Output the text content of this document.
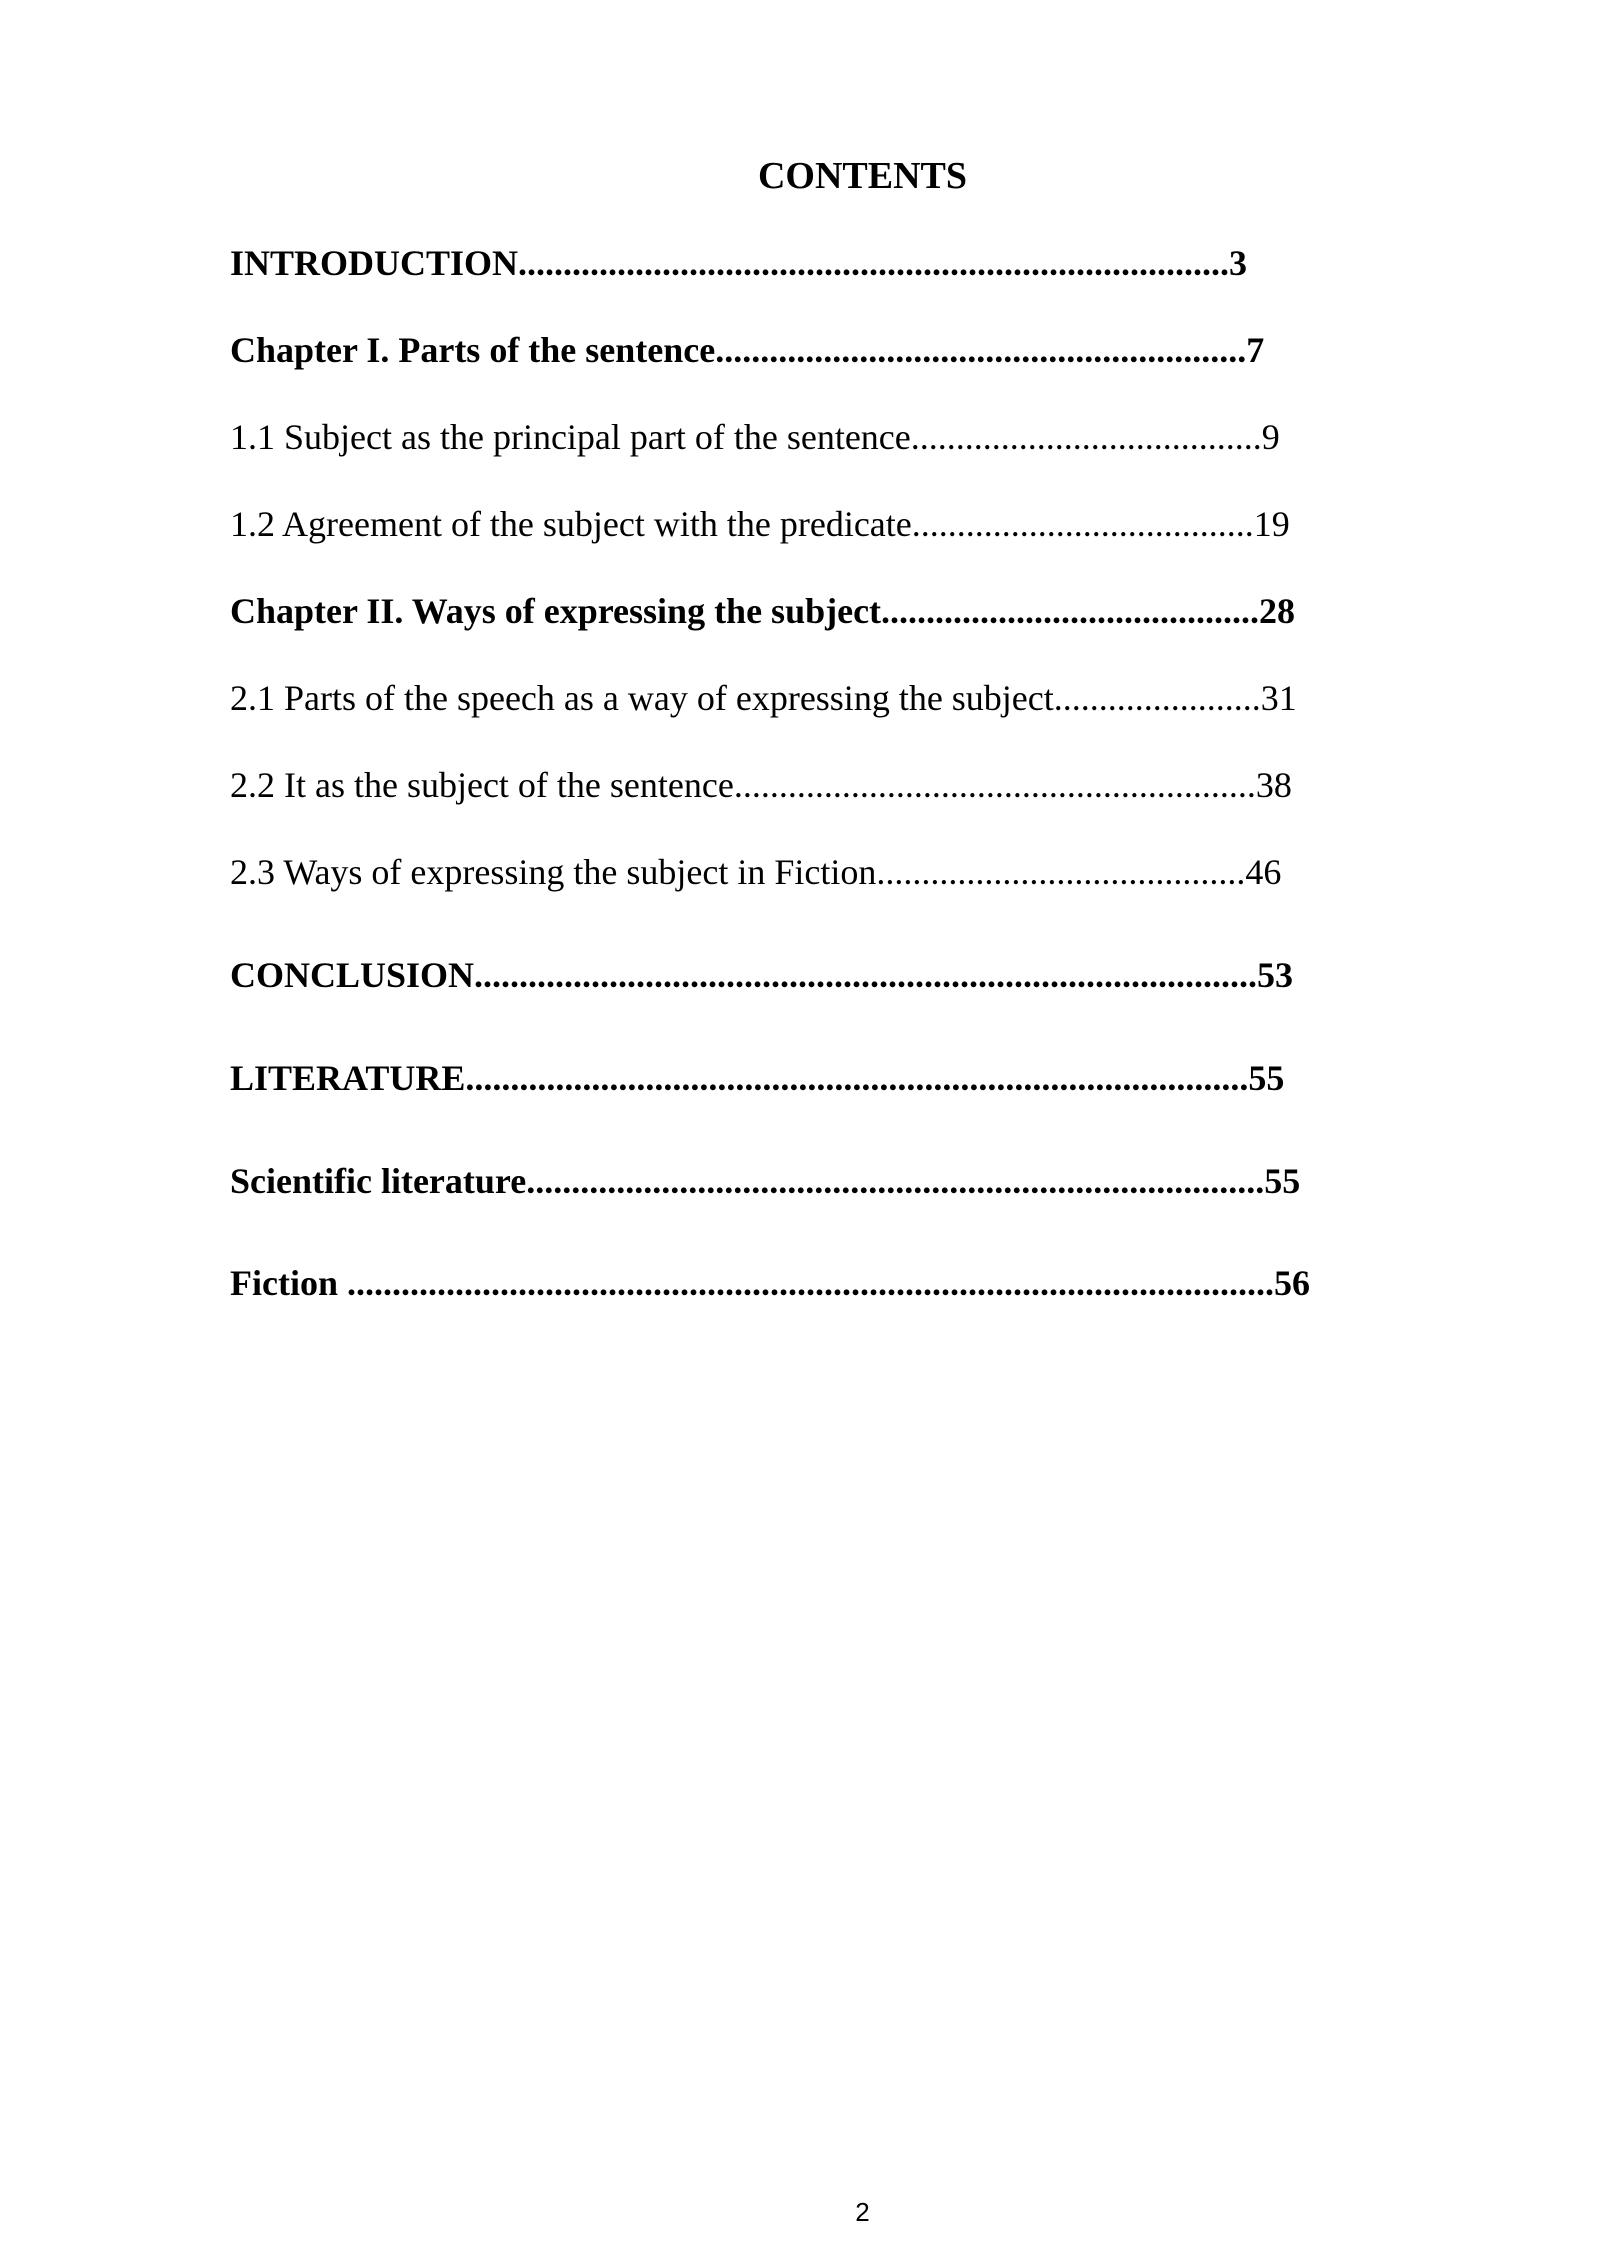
CONTENTS
INTRODUCTION...............................................................................3
Chapter I. Parts of the sentence...........................................................7
1.1 Subject as the principal part of the sentence.......................................9
1.2 Agreement of the subject with the predicate......................................19
Chapter II. Ways of expressing the subject..........................................28
2.1 Parts of the speech as a way of expressing the subject.......................31
2.2 It as the subject of the sentence..........................................................38
2.3 Ways of expressing the subject in Fiction.........................................46
CONCLUSION.......................................................................................53
LITERATURE.......................................................................................55
Scientific literature..................................................................................55
Fiction .......................................................................................................56
2
